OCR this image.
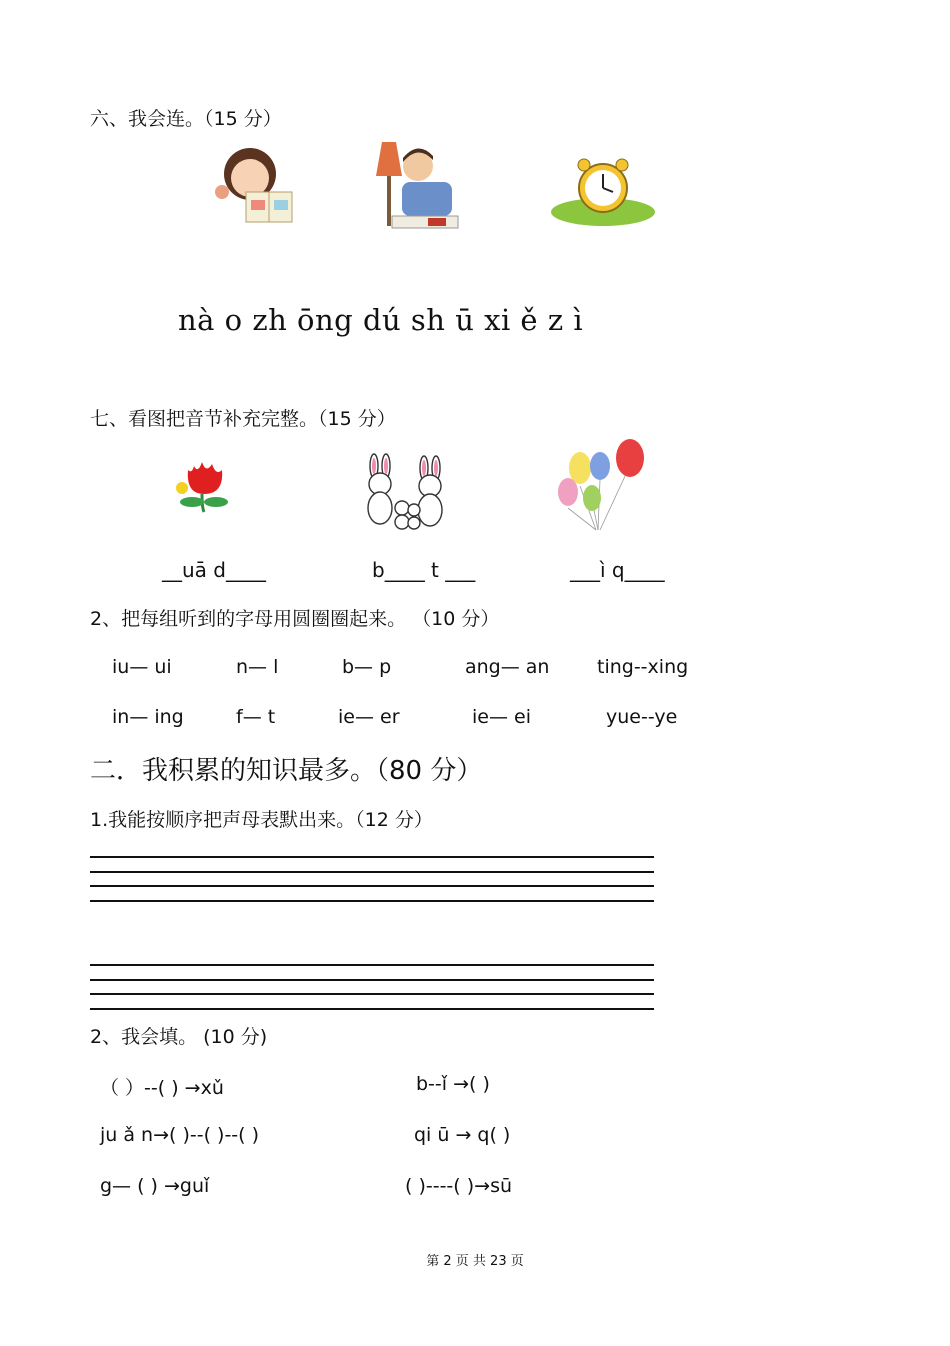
六、我会连。（15 分）
nà o zh ōng dú sh ū xi ě z ì
七、看图把音节补充完整。（15 分）
__uā d____	b____ t ___	___ì q____
2、把每组听到的字母用圆圈圈起来。 （10 分）
iu— ui	n— l	b— p	ang— an	ting--xing
in— ing	f— t	ie— er	ie— ei	yue--ye
二．我积累的知识最多。（80 分）
1.我能按顺序把声母表默出来。（12 分）
2、我会填。 (10 分)
（ ）--( ) →xǔ	b--ǐ →( )
ju ǎ n→( )--( )--( )	qi ū → q( )
g— ( ) →guǐ	( )----( )→sū
第 2 页 共 23 页
